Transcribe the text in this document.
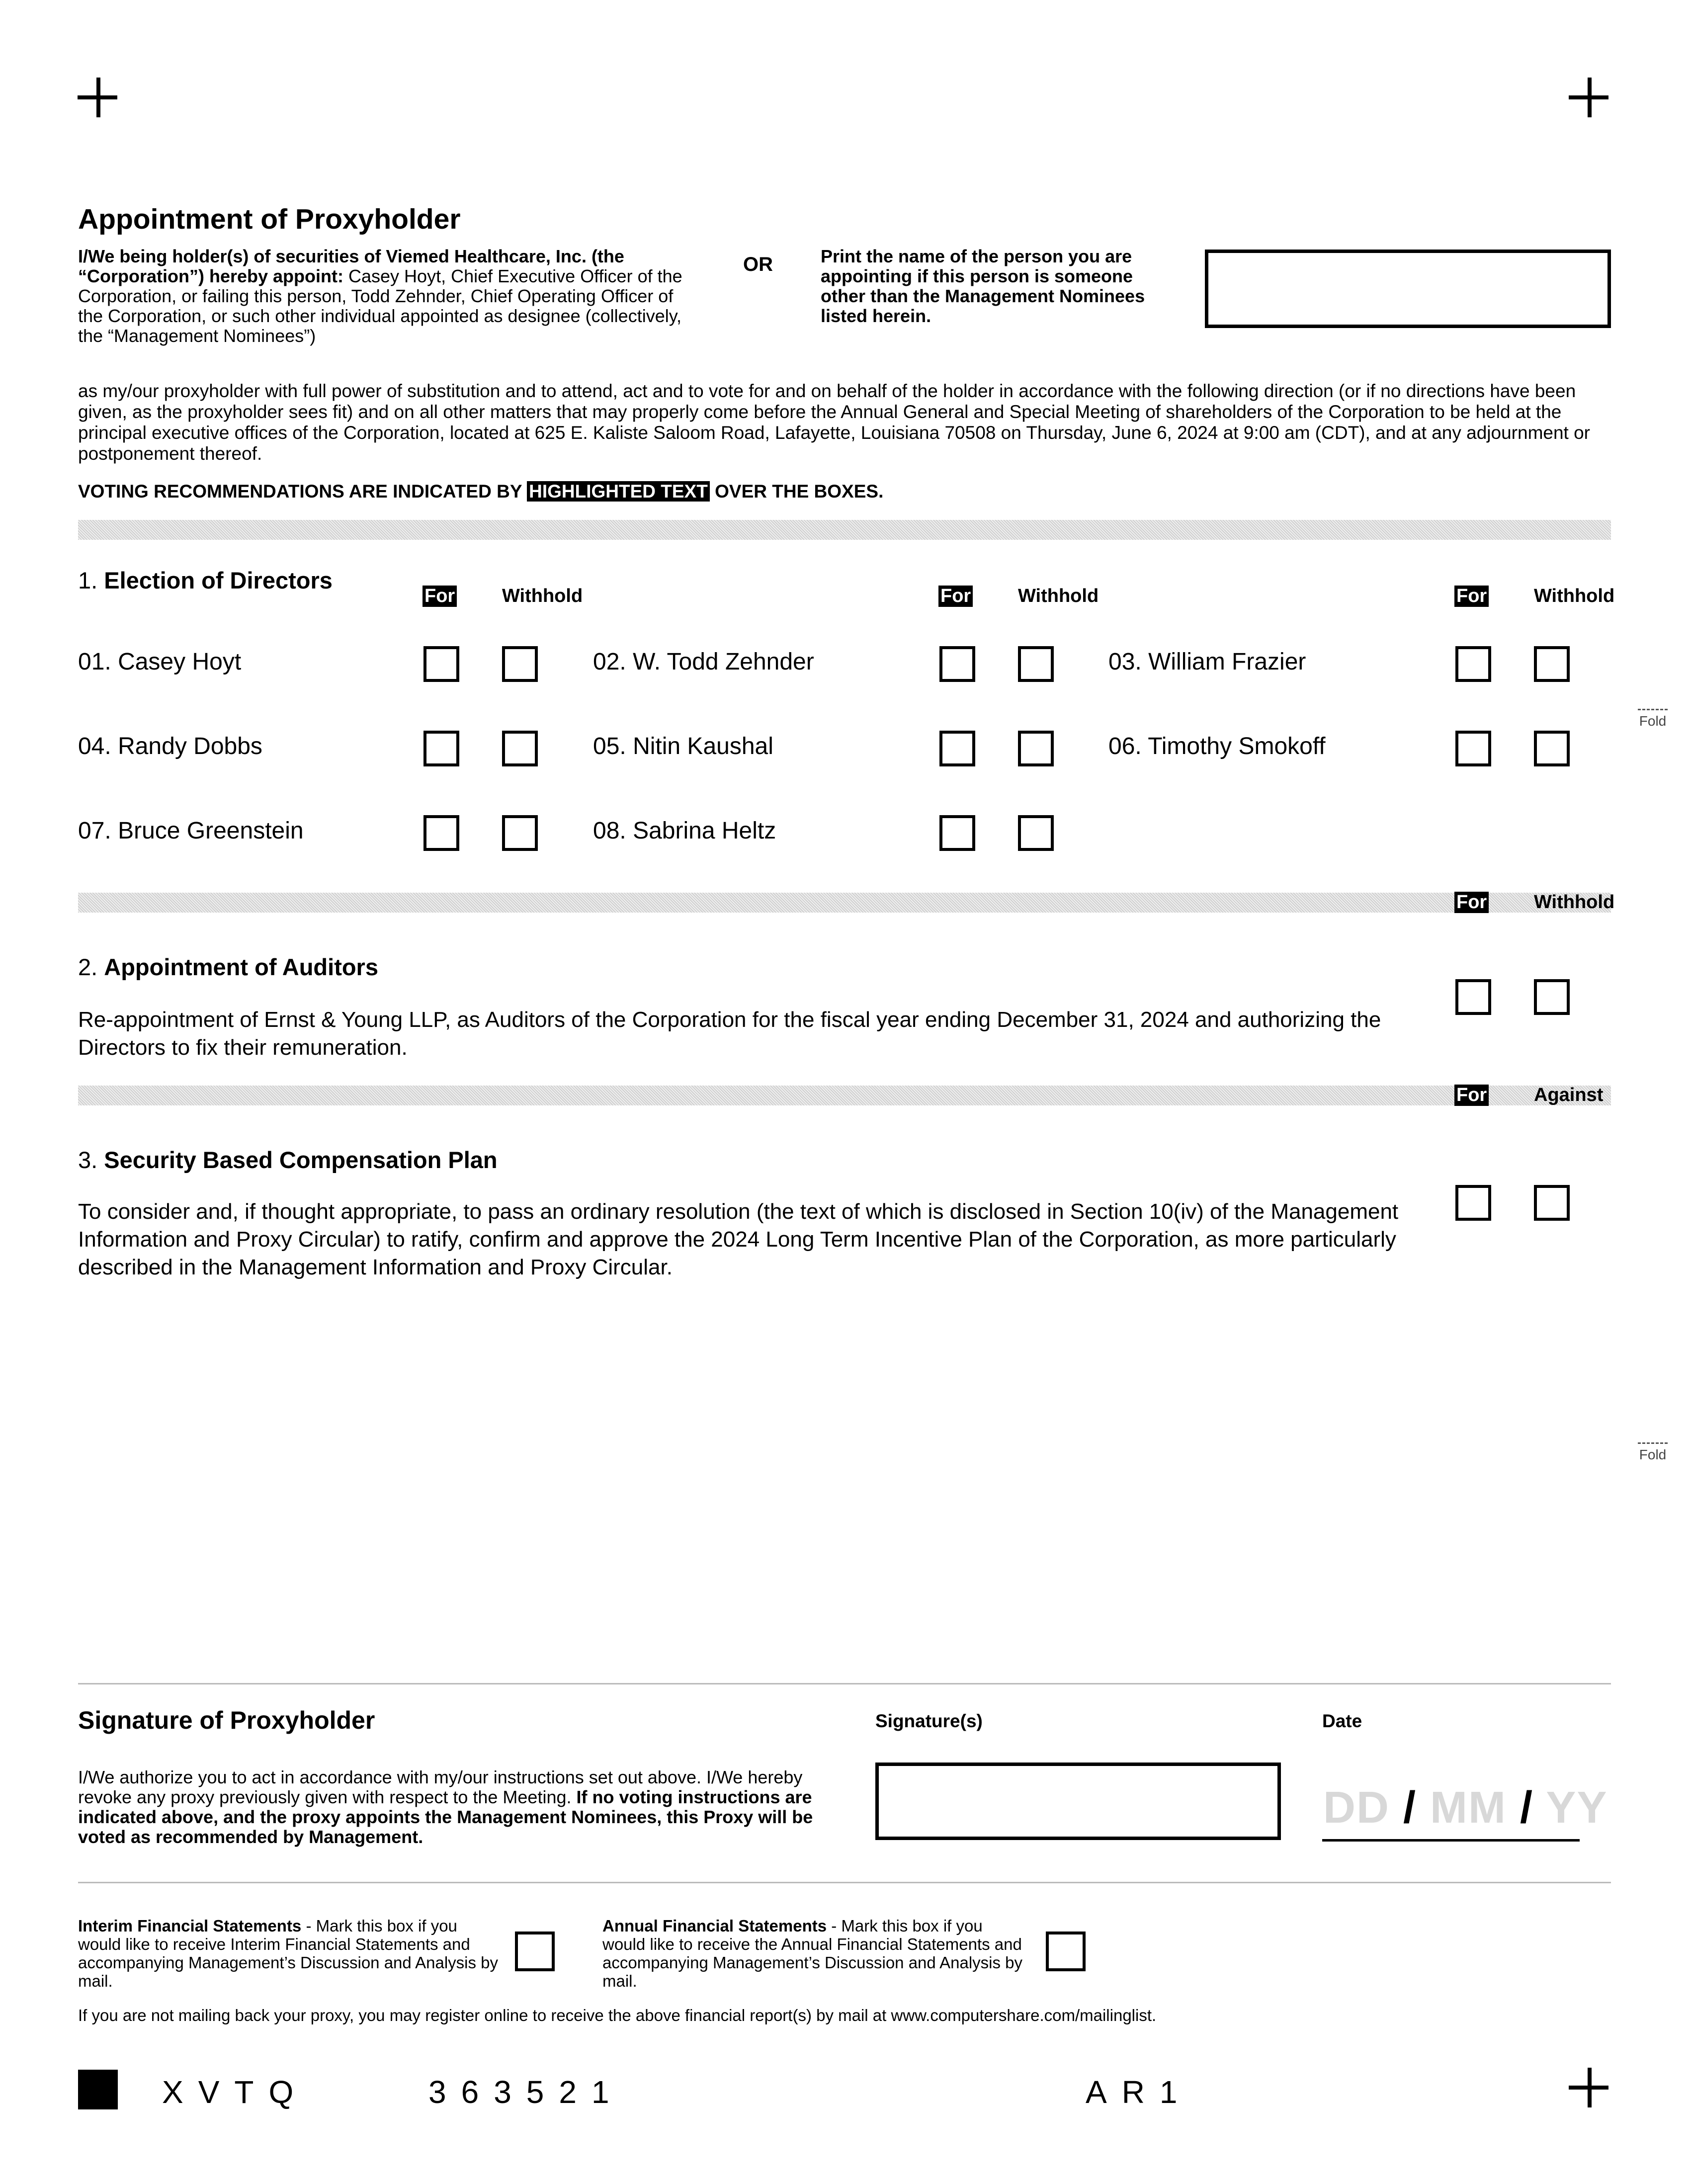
Appointment of Proxyholder
I/We being holder(s) of securities of Viemed Healthcare, Inc. (the “Corporation”) hereby appoint: Casey Hoyt, Chief Executive Officer of the Corporation, or failing this person, Todd Zehnder, Chief Operating Officer of the Corporation, or such other individual appointed as designee (collectively, the “Management Nominees”)
OR	Print the name of the person you are appointing if this person is someone other than the Management Nominees listed herein.
as my/our proxyholder with full power of substitution and to attend, act and to vote for and on behalf of the holder in accordance with the following direction (or if no directions have been given, as the proxyholder sees fit) and on all other matters that may properly come before the Annual General and Special Meeting of shareholders of the Corporation to be held at the principal executive offices of the Corporation, located at 625 E. Kaliste Saloom Road, Lafayette, Louisiana 70508 on Thursday, June 6, 2024 at 9:00 am (CDT), and at any adjournment or postponement thereof.
VOTING RECOMMENDATIONS ARE INDICATED BY HIGHLIGHTED TEXT OVER THE BOXES.
1. Election of Directors
For Withhold	For Withhold	For Withhold
01. Casey Hoyt	02. W. Todd Zehnder	03. William Frazier
04. Randy Dobbs	05. Nitin Kaushal	06. Timothy Smokoff
07. Bruce Greenstein	08. Sabrina Heltz
Fold
Fold
For Withhold
2. Appointment of Auditors
Re-appointment of Ernst & Young LLP, as Auditors of the Corporation for the fiscal year ending December 31, 2024 and authorizing the Directors to fix their remuneration.
For Against
3. Security Based Compensation Plan
To consider and, if thought appropriate, to pass an ordinary resolution (the text of which is disclosed in Section 10(iv) of the Management Information and Proxy Circular) to ratify, confirm and approve the 2024 Long Term Incentive Plan of the Corporation, as more particularly described in the Management Information and Proxy Circular.
Signature of Proxyholder	Signature(s)	Date
I/We authorize you to act in accordance with my/our instructions set out above. I/We hereby revoke any proxy previously given with respect to the Meeting. If no voting instructions are indicated above, and the proxy appoints the Management Nominees, this Proxy will be voted as recommended by Management.
DD / MM / YY
Interim Financial Statements - Mark this box if you would like to receive Interim Financial Statements and accompanying Management’s Discussion and Analysis by mail.
Annual Financial Statements - Mark this box if you would like to receive the Annual Financial Statements and accompanying Management’s Discussion and Analysis by mail.
If you are not mailing back your proxy, you may register online to receive the above financial report(s) by mail at www.computershare.com/mailinglist.
XVTQ	363521	AR1
